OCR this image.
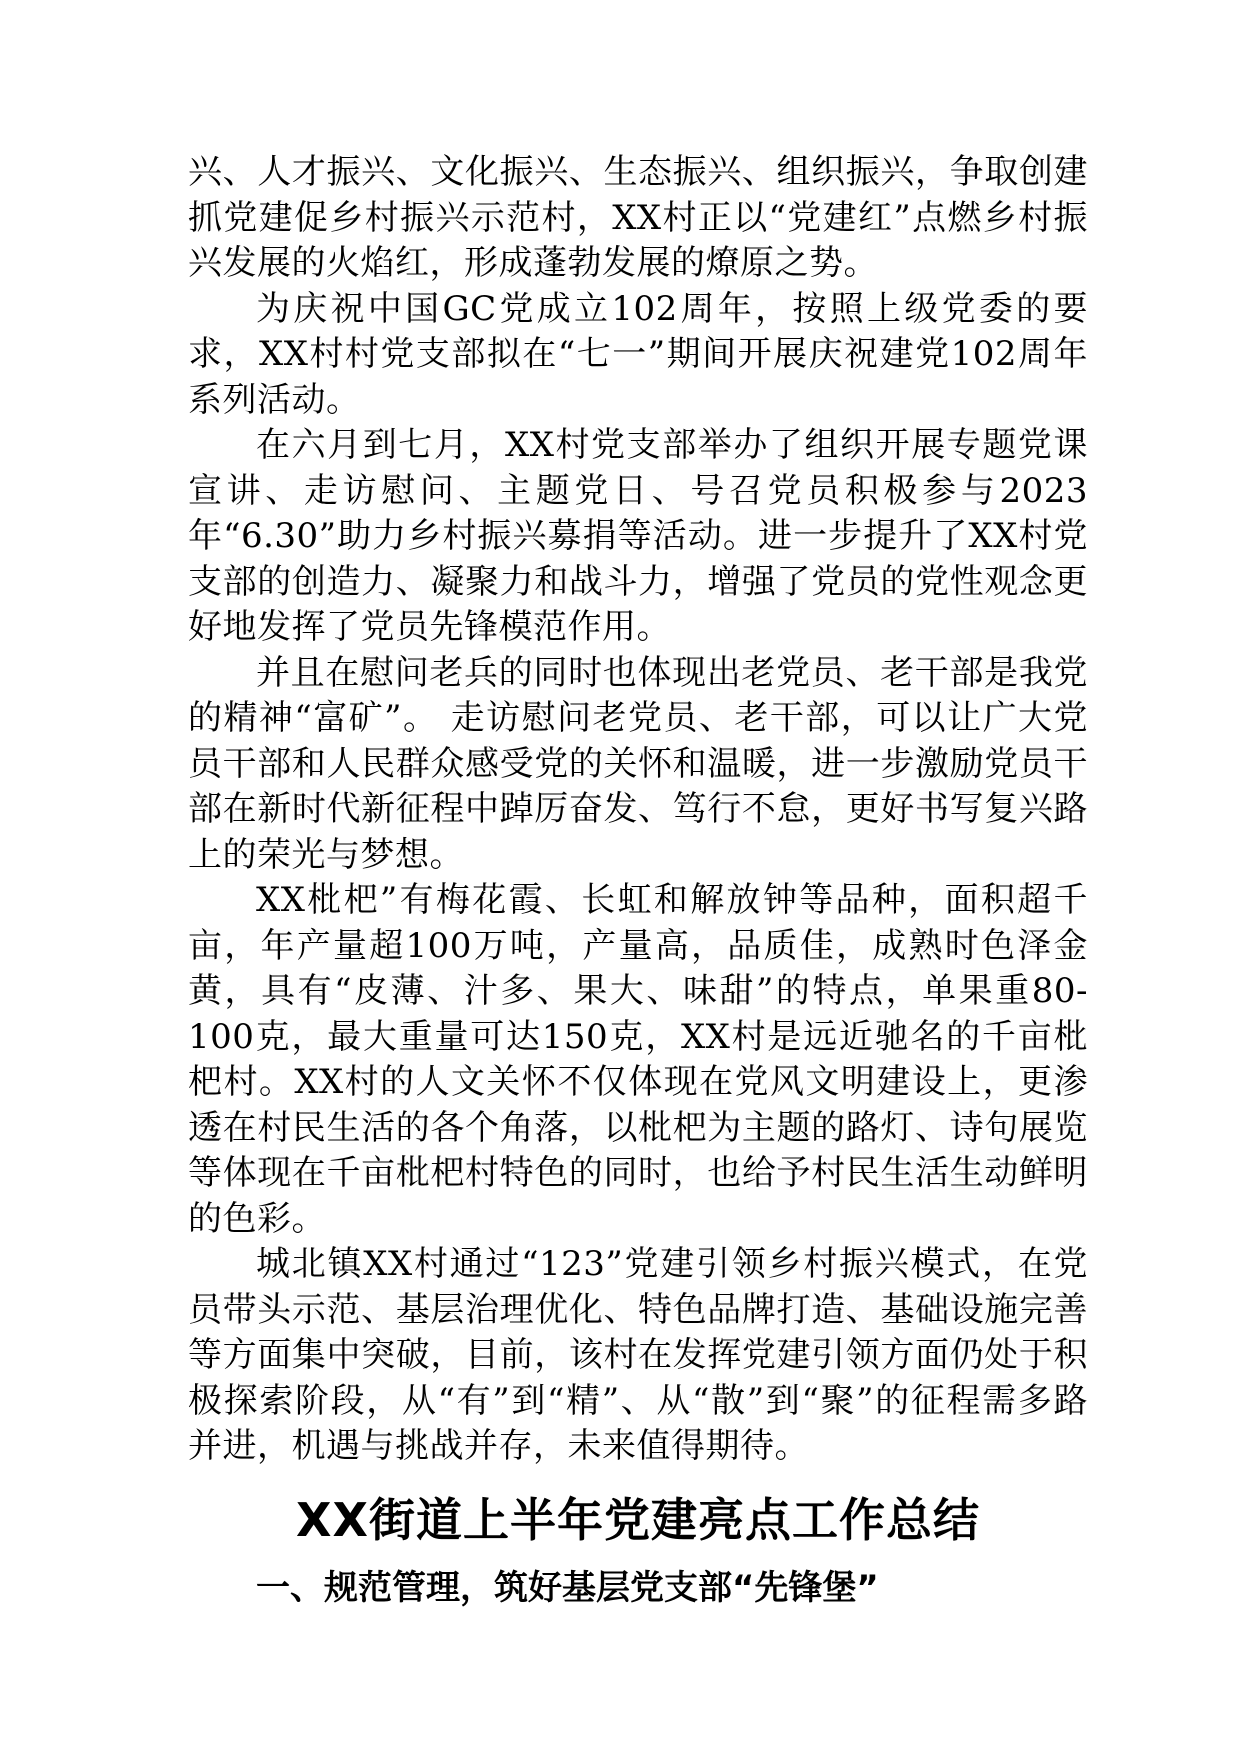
兴、人才振兴、文化振兴、生态振兴、组织振兴，争取创建抓党建促乡村振兴示范村，XX村正以“党建红”点燃乡村振兴发展的火焰红，形成蓬勃发展的燎原之势。

为庆祝中国GC党成立102周年，按照上级党委的要求，XX村村党支部拟在“七一”期间开展庆祝建党102周年系列活动。

在六月到七月，XX村党支部举办了组织开展专题党课宣讲、走访慰问、主题党日、号召党员积极参与2023年“6.30”助力乡村振兴募捐等活动。进一步提升了XX村党支部的创造力、凝聚力和战斗力，增强了党员的党性观念更好地发挥了党员先锋模范作用。

并且在慰问老兵的同时也体现出老党员、老干部是我党的精神“富矿”。 走访慰问老党员、老干部，可以让广大党员干部和人民群众感受党的关怀和温暖，进一步激励党员干部在新时代新征程中踔厉奋发、笃行不怠，更好书写复兴路上的荣光与梦想。

XX枇杷”有梅花霞、长虹和解放钟等品种，面积超千亩，年产量超100万吨，产量高，品质佳，成熟时色泽金黄，具有“皮薄、汁多、果大、味甜”的特点，单果重80-100克，最大重量可达150克，XX村是远近驰名的千亩枇杷村。XX村的人文关怀不仅体现在党风文明建设上，更渗透在村民生活的各个角落，以枇杷为主题的路灯、诗句展览等体现在千亩枇杷村特色的同时，也给予村民生活生动鲜明的色彩。

城北镇XX村通过“123”党建引领乡村振兴模式，在党员带头示范、基层治理优化、特色品牌打造、基础设施完善等方面集中突破，目前，该村在发挥党建引领方面仍处于积极探索阶段，从“有”到“精”、从“散”到“聚”的征程需多路并进，机遇与挑战并存，未来值得期待。

XX街道上半年党建亮点工作总结
一、规范管理，筑好基层党支部“先锋堡”
